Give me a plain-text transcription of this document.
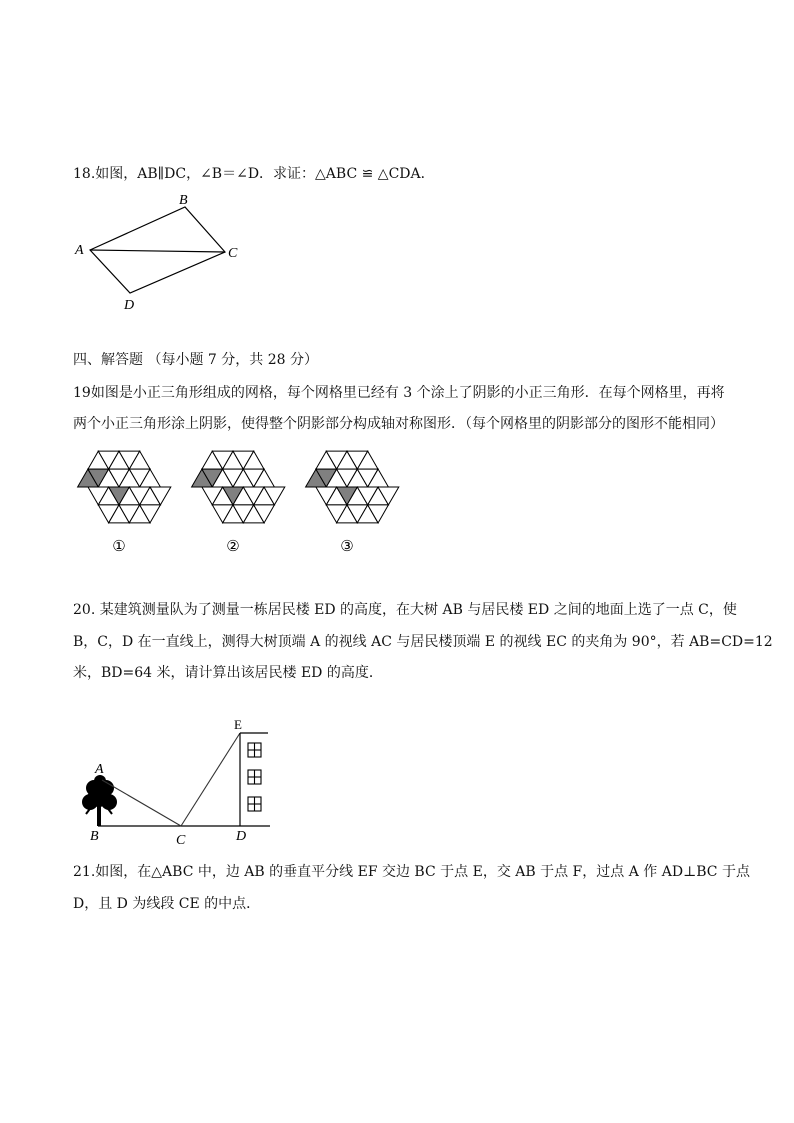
18.如图，AB∥DC，∠B＝∠D．求证：△ABC ≌ △CDA．
B
A	C
D
四、解答题 （每小题 7 分，共 28 分）
19如图是小正三角形组成的网格，每个网格里已经有 3 个涂上了阴影的小正三角形．在每个网格里，再将
两个小正三角形涂上阴影，使得整个阴影部分构成轴对称图形．（每个网格里的阴影部分的图形不能相同）
①	②	③
20. 某建筑测量队为了测量一栋居民楼 ED 的高度，在大树 AB 与居民楼 ED 之间的地面上选了一点 C，使
B，C，D 在一直线上，测得大树顶端 A 的视线 AC 与居民楼顶端 E 的视线 EC 的夹角为 90°，若 AB=CD=12
米，BD=64 米，请计算出该居民楼 ED 的高度．
E
A
B	C	D
21.如图，在△ABC 中，边 AB 的垂直平分线 EF 交边 BC 于点 E，交 AB 于点 F，过点 A 作 AD⊥BC 于点
D，且 D 为线段 CE 的中点．
